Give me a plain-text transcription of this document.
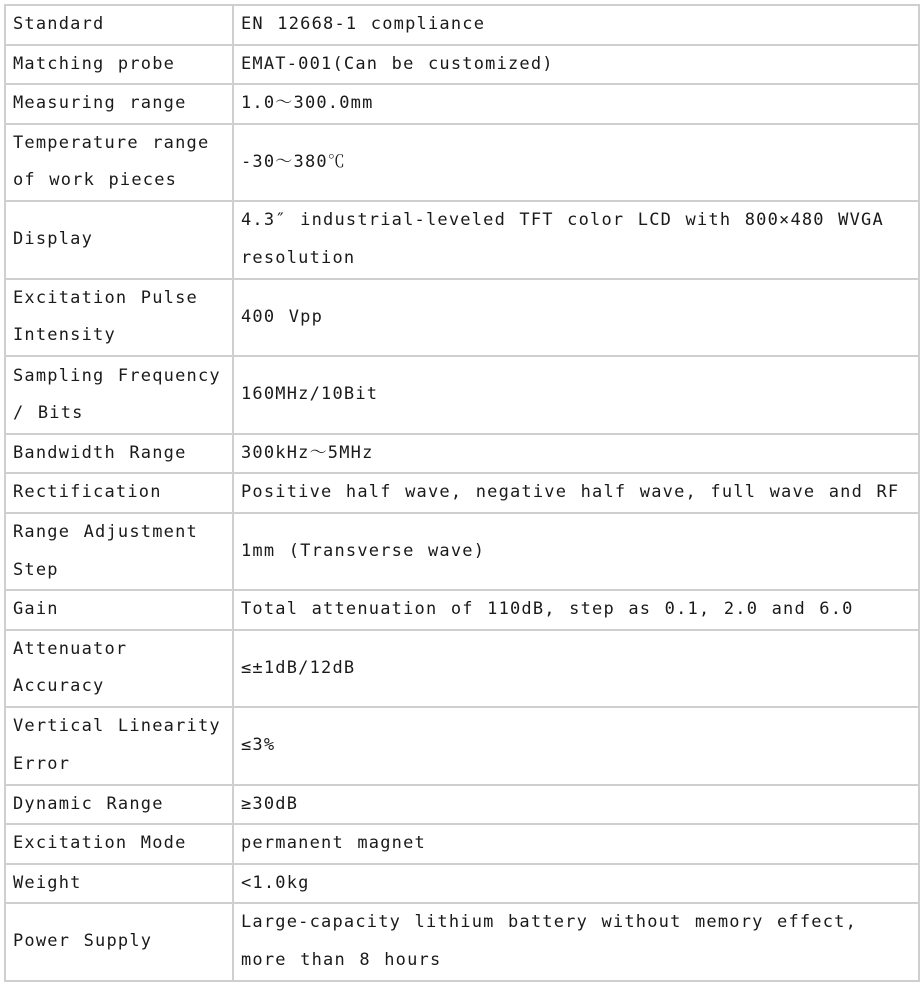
Standard	EN 12668-1 compliance
Matching probe	EMAT-001(Can be customized)
Measuring range	1.0～300.0mm
Temperature range of work pieces	-30～380℃
Display	4.3″ industrial-leveled TFT color LCD with 800×480 WVGA resolution
Excitation Pulse Intensity	400 Vpp
Sampling Frequency / Bits	160MHz/10Bit
Bandwidth Range	300kHz～5MHz
Rectification	Positive half wave, negative half wave, full wave and RF
Range Adjustment Step	1mm (Transverse wave)
Gain	Total attenuation of 110dB, step as 0.1, 2.0 and 6.0
Attenuator Accuracy	≤±1dB/12dB
Vertical Linearity Error	≤3%
Dynamic Range	≥30dB
Excitation Mode	permanent magnet
Weight	<1.0kg
Power Supply	Large-capacity lithium battery without memory effect, more than 8 hours
